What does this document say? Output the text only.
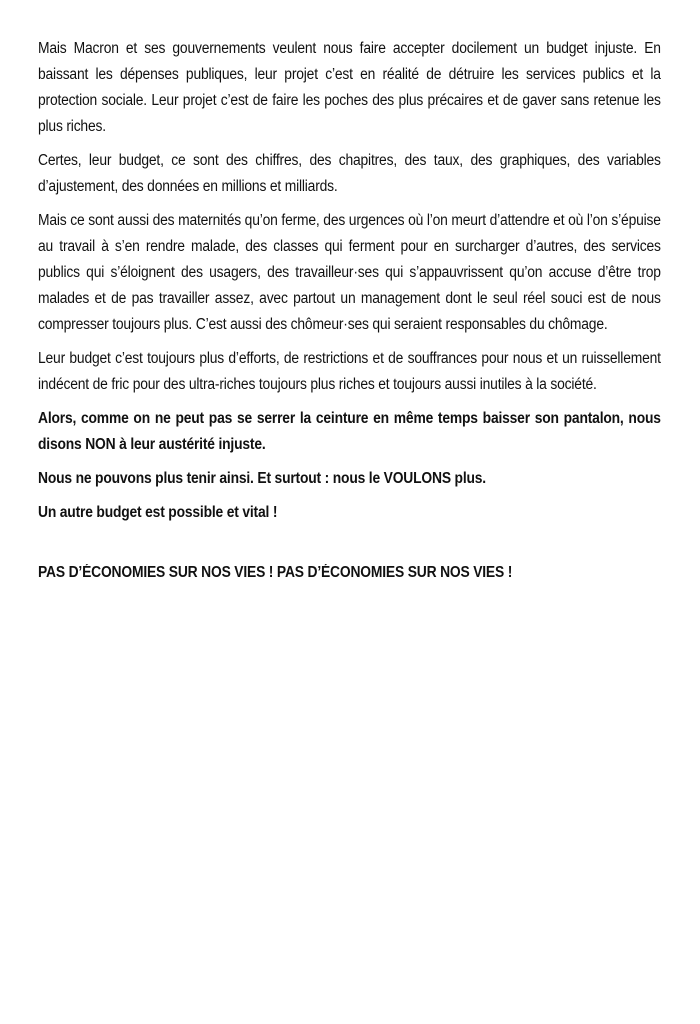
Mais Macron et ses gouvernements veulent nous faire accepter docilement un budget injuste. En baissant les dépenses publiques, leur projet c’est en réalité de détruire les services publics et la protection sociale. Leur projet c’est de faire les poches des plus précaires et de gaver sans retenue les plus riches.

Certes, leur budget, ce sont des chiffres, des chapitres, des taux, des graphiques, des variables d’ajustement, des données en millions et milliards.

Mais ce sont aussi des maternités qu’on ferme, des urgences où l’on meurt d’attendre et où l’on s’épuise au travail à s’en rendre malade, des classes qui ferment pour en surcharger d’autres, des services publics qui s’éloignent des usagers, des travailleur·ses qui s’appauvrissent qu’on accuse d’être trop malades et de pas travailler assez, avec partout un management dont le seul réel souci est de nous compresser toujours plus. C’est aussi des chômeur·ses qui seraient responsables du chômage.

Leur budget c’est toujours plus d’efforts, de restrictions et de souffrances pour nous et un ruissellement indécent de fric pour des ultra-riches toujours plus riches et toujours aussi inutiles à la société.

Alors, comme on ne peut pas se serrer la ceinture en même temps baisser son pantalon, nous disons NON à leur austérité injuste.

Nous ne pouvons plus tenir ainsi. Et surtout : nous le VOULONS plus.

Un autre budget est possible et vital !

PAS D’ÉCONOMIES SUR NOS VIES ! PAS D’ÉCONOMIES SUR NOS VIES !
